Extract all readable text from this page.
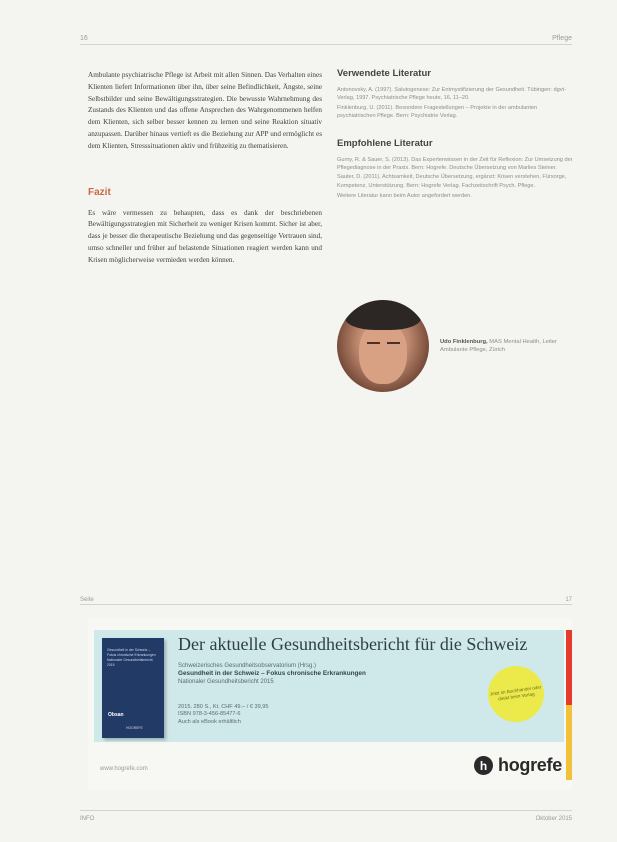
16	Pflege

Ambulante psychiatrische Pflege ist Arbeit mit allen Sinnen. Das Verhalten eines Klienten liefert Informationen über ihn, über seine Befindlichkeit, Ängste, seine Selbstbilder und seine Bewältigungsstrategien. Die bewusste Wahrnehmung des Zustands des Klienten und das offene Ansprechen des Wahrgenommenen helfen dem Klienten, sich selber besser kennen zu lernen und seine Reaktion situativ anzupassen. Darüber hinaus vertieft es die Beziehung zur APP und ermöglicht es dem Klienten, Stresssituationen aktiv und frühzeitig zu thematisieren.

Fazit

Es wäre vermessen zu behaupten, dass es dank der beschriebenen Bewältigungsstrategien mit Sicherheit zu weniger Krisen kommt. Sicher ist aber, dass je besser die therapeutische Beziehung und das gegenseitige Vertrauen sind, umso schneller und früher auf belastende Situationen reagiert werden kann und Krisen möglicherweise vermieden werden können.

Verwendete Literatur

Antonovsky, A. (1997). Salutogenese: Zur Entmystifizierung der Gesundheit. Tübingen: dgvt-Verlag, 1997. Psychiatrische Pflege heute, 16, 11–20.

Finklenburg, U. (2011). Besondere Fragestellungen – Projekte in der ambulanten psychiatrischen Pflege. Bern: Psychiatrie Verlag.

Empfohlene Literatur

Gurny, R. & Sauer, S. (2013). Das Expertenwissen in der Zeit für Reflexion: Zur Umsetzung der Pflegediagnose in der Praxis. Bern: Hogrefe. Deutsche Übersetzung von Marlies Steiner.

Sauter, D. (2011). Achtsamkeit, Deutsche Übersetzung, ergänzt: Krisen verstehen, Fürsorge, Kompetenz, Unterstützung. Bern: Hogrefe Verlag. Fachzeitschrift Psych. Pflege.

Weitere Literatur kann beim Autor angefordert werden.

Udo Finklenburg, MAS Mental Health, Leiter Ambulante Pflege, Zürich
Seite	17
Gesundheit in der Schweiz –
Fokus chronische Erkrankungen
Nationaler Gesundheitsbericht 2015
Obsan
HOGREFE
Der aktuelle Gesundheitsbericht für die Schweiz
Schweizerisches Gesundheitsobservatorium (Hrsg.)
Gesundheit in der Schweiz – Fokus chronische Erkrankungen
Nationaler Gesundheitsbericht 2015
2015. 280 S., Kt. CHF 49.– / € 39,95
ISBN 978-3-456-85477-6
Auch als eBook erhältlich
Jetzt im Buchhandel oder direkt beim Verlag
www.hogrefe.com	h hogrefe
INFO	Oktober 2015
